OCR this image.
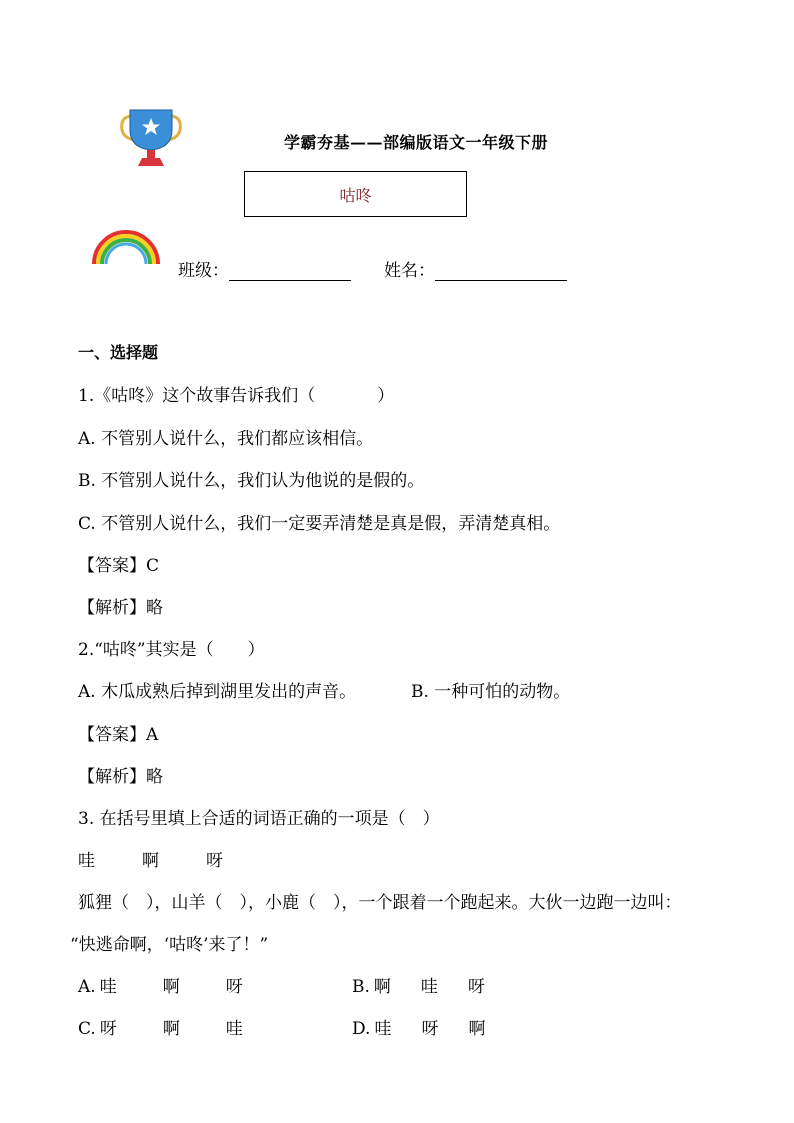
学霸夯基——部编版语文一年级下册
咕咚
班级：	姓名：
一、选择题
1.《咕咚》这个故事告诉我们（	）
A. 不管别人说什么，我们都应该相信。
B. 不管别人说什么，我们认为他说的是假的。
C. 不管别人说什么，我们一定要弄清楚是真是假，弄清楚真相。
【答案】C
【解析】略
2.“咕咚”其实是（　　）
A. 木瓜成熟后掉到湖里发出的声音。	B. 一种可怕的动物。
【答案】A
【解析】略
3. 在括号里填上合适的词语正确的一项是（　）
哇	啊	呀
狐狸（　），山羊（　），小鹿（　），一个跟着一个跑起来。大伙一边跑一边叫：
“快逃命啊，‘咕咚’来了！”
A. 哇	啊	呀	B. 啊 哇 呀
C. 呀	啊	哇	D. 哇 呀 啊
